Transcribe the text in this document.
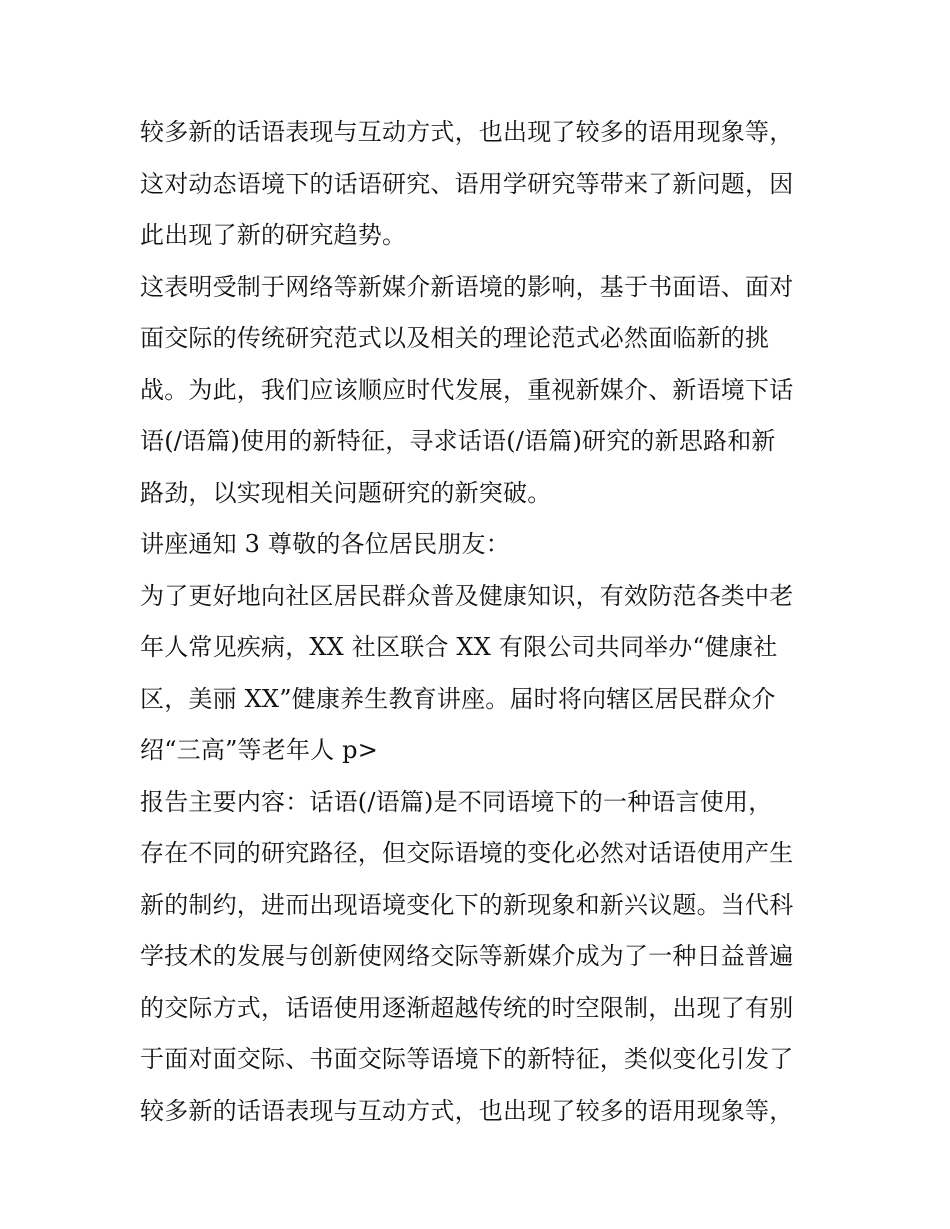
较多新的话语表现与互动方式，也出现了较多的语用现象等，
这对动态语境下的话语研究、语用学研究等带来了新问题，因
此出现了新的研究趋势。
这表明受制于网络等新媒介新语境的影响，基于书面语、面对
面交际的传统研究范式以及相关的理论范式必然面临新的挑
战。为此，我们应该顺应时代发展，重视新媒介、新语境下话
语(/语篇)使用的新特征，寻求话语(/语篇)研究的新思路和新
路劲，以实现相关问题研究的新突破。
讲座通知 3 尊敬的各位居民朋友：
为了更好地向社区居民群众普及健康知识，有效防范各类中老
年人常见疾病，XX 社区联合 XX 有限公司共同举办“健康社
区，美丽 XX”健康养生教育讲座。届时将向辖区居民群众介
绍“三高”等老年人 p>
报告主要内容：话语(/语篇)是不同语境下的一种语言使用，
存在不同的研究路径，但交际语境的变化必然对话语使用产生
新的制约，进而出现语境变化下的新现象和新兴议题。当代科
学技术的发展与创新使网络交际等新媒介成为了一种日益普遍
的交际方式，话语使用逐渐超越传统的时空限制，出现了有别
于面对面交际、书面交际等语境下的新特征，类似变化引发了
较多新的话语表现与互动方式，也出现了较多的语用现象等，
